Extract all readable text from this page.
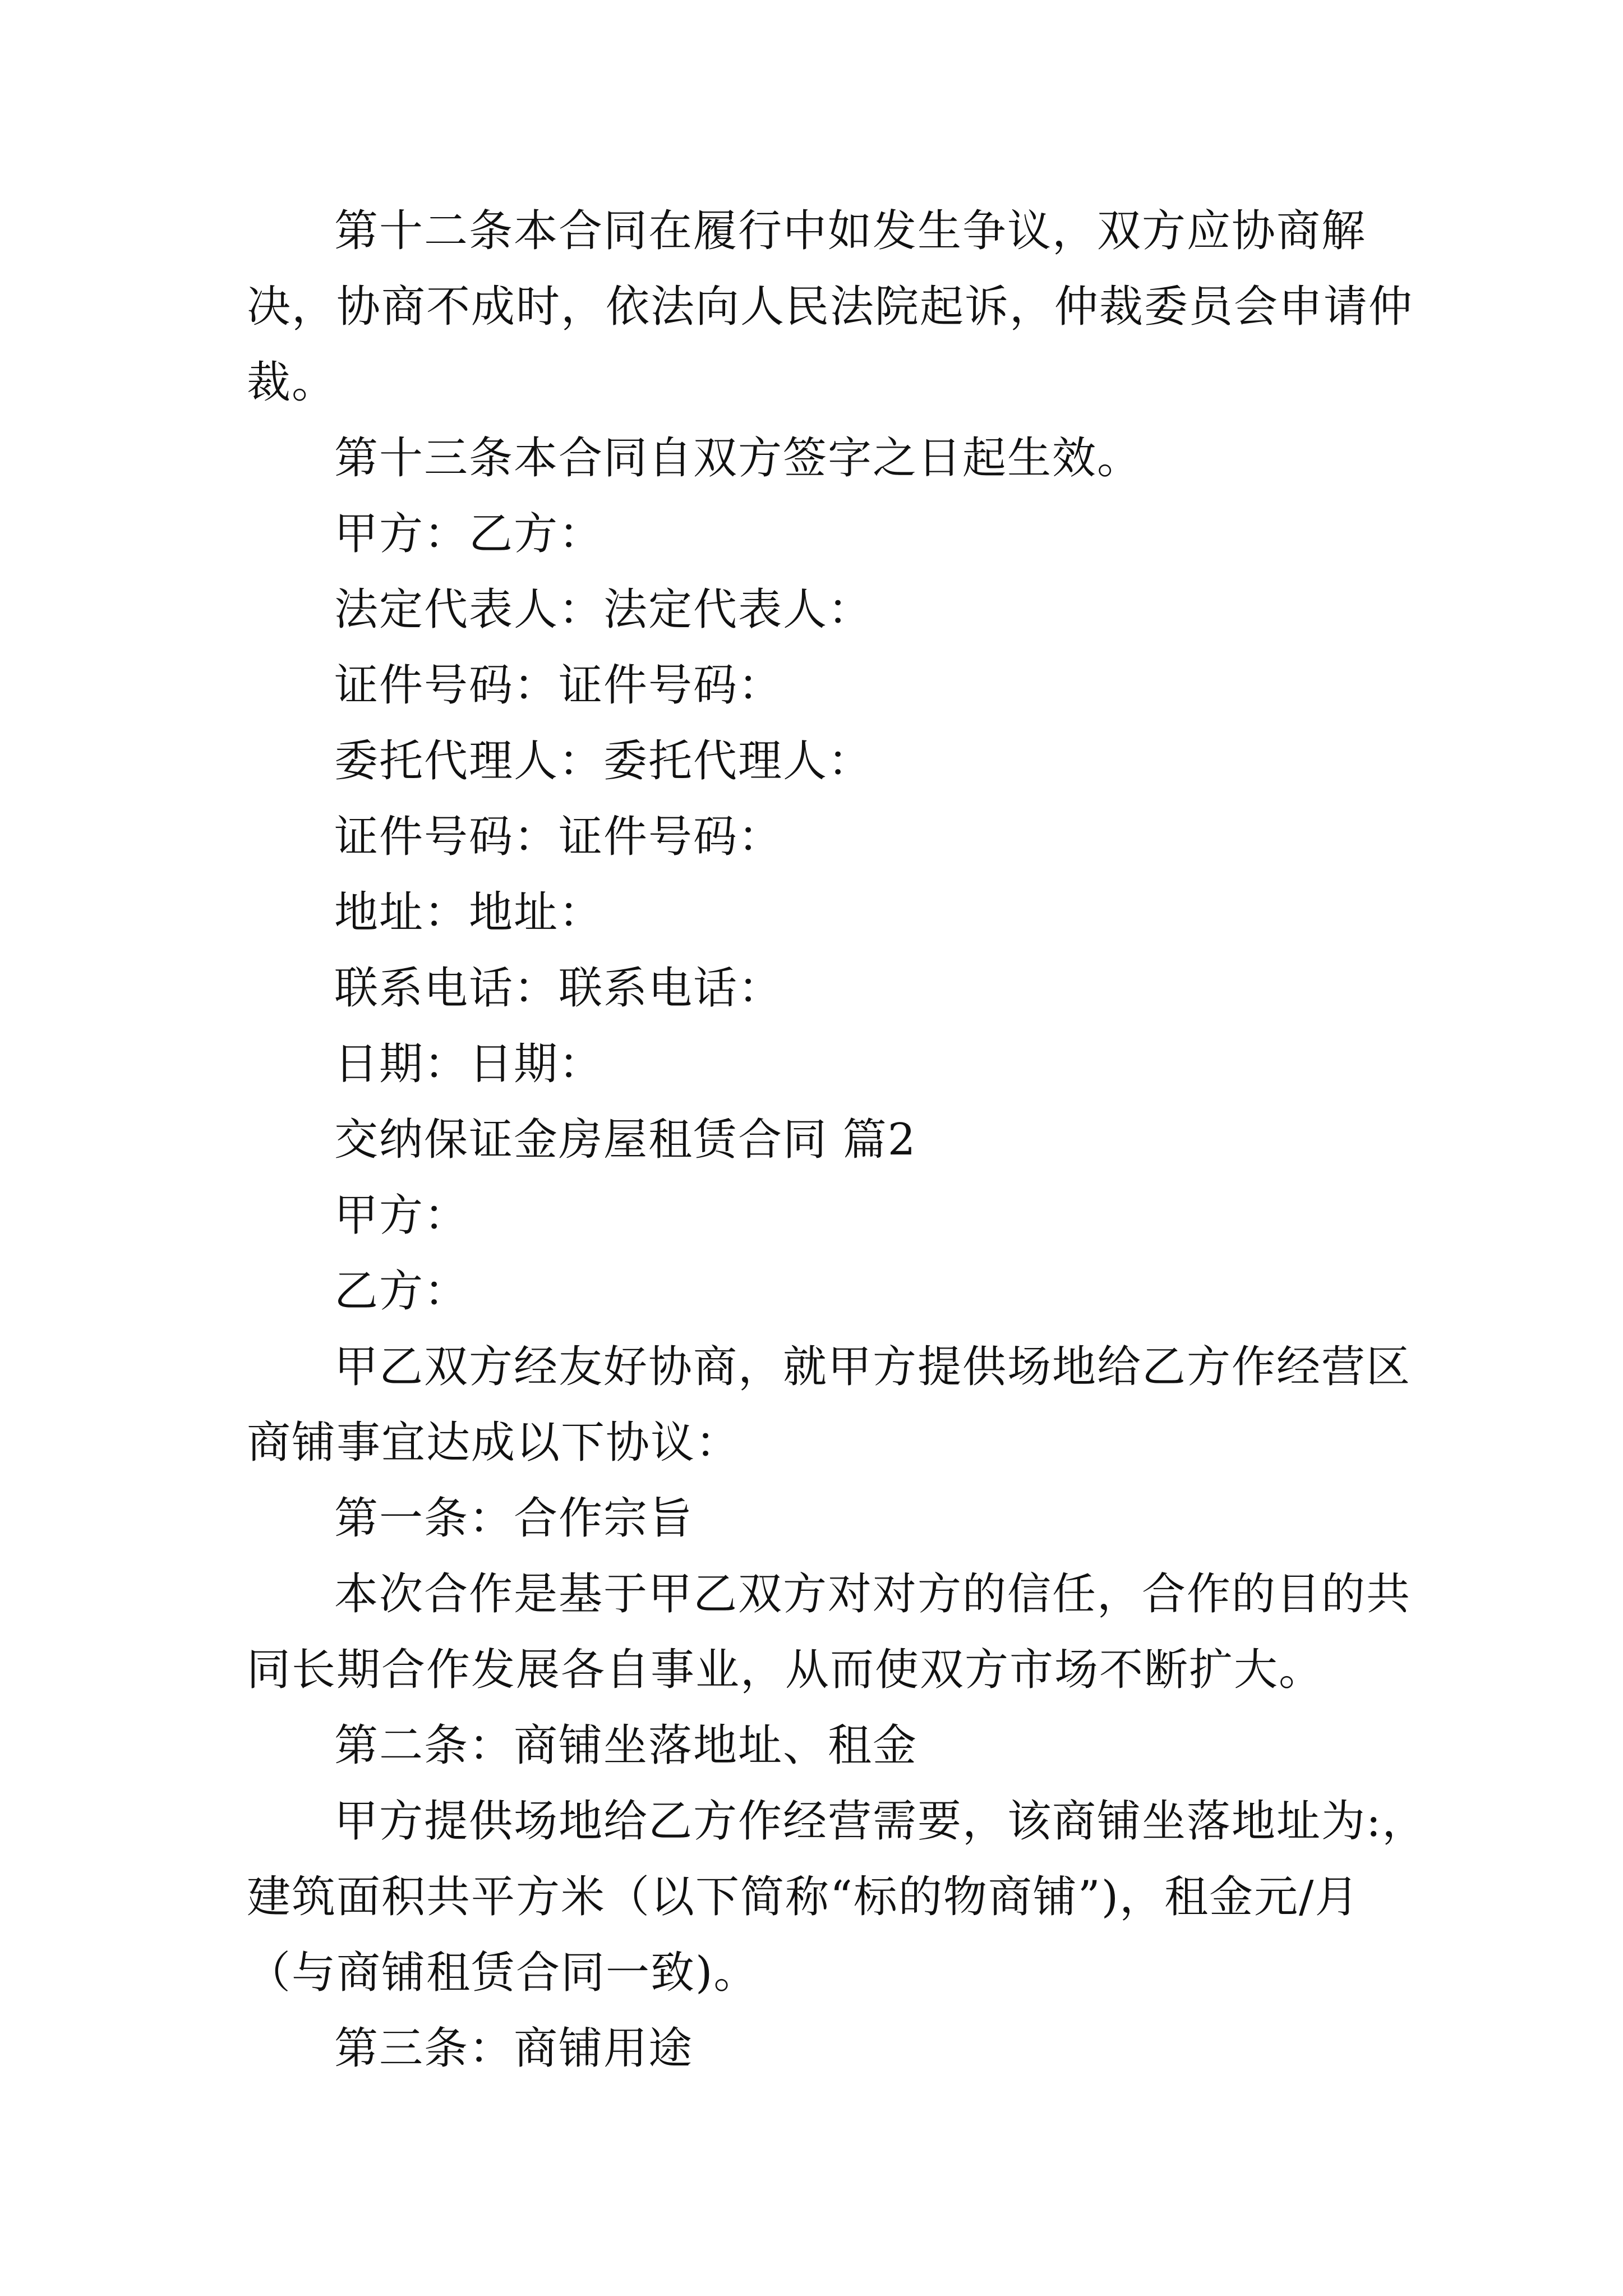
第十二条本合同在履行中如发生争议，双方应协商解决，协商不成时，依法向人民法院起诉，仲裁委员会申请仲裁。

第十三条本合同自双方签字之日起生效。

甲方：乙方：

法定代表人：法定代表人：

证件号码：证件号码：

委托代理人：委托代理人：

证件号码：证件号码：

地址：地址：

联系电话：联系电话：

日期：日期：

交纳保证金房屋租赁合同 篇2

甲方：

乙方：

甲乙双方经友好协商，就甲方提供场地给乙方作经营区商铺事宜达成以下协议：

第一条：合作宗旨

本次合作是基于甲乙双方对对方的信任，合作的目的共同长期合作发展各自事业，从而使双方市场不断扩大。

第二条：商铺坐落地址、租金

甲方提供场地给乙方作经营需要，该商铺坐落地址为:，建筑面积共平方米（以下简称“标的物商铺”)，租金元/月（与商铺租赁合同一致)。

第三条：商铺用途
